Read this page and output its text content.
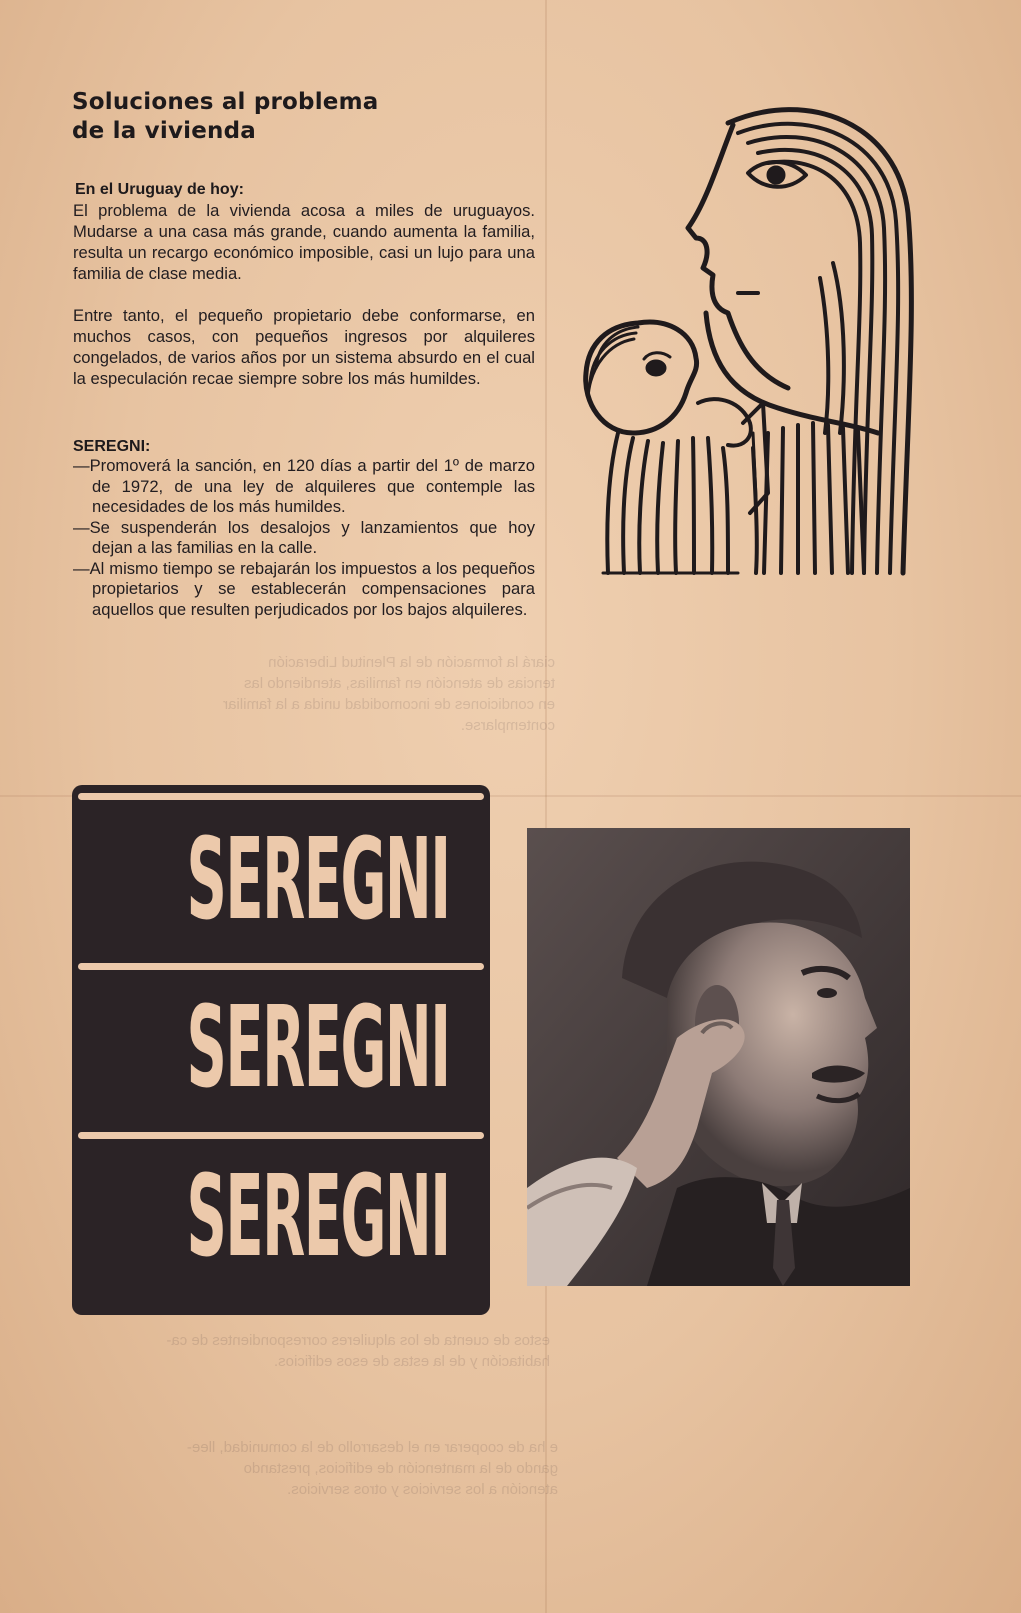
ciará la formación de la Plenitud Liberación
tencias de atención en familias, atendiendo las
en condiciones de incomodidad unida a la familiar
contemplarse.

estos de cuenta de los alquileres correspondientes de ca-
habitación y de la estas de esos edificios.

e ha de cooperar en el desarrollo de la comunidad, llee-
gando de la mantención de edificios, prestando
atención a los servicios y otros servicios.

Soluciones al problema
de la vivienda

En el Uruguay de hoy:

El problema de la vivienda acosa a miles de uruguayos. Mudarse a una casa más grande, cuando aumenta la familia, resulta un recargo económico imposible, casi un lujo para una familia de clase media.

Entre tanto, el pequeño propietario debe conformarse, en muchos casos, con pequeños ingresos por alquileres congelados, de varios años por un sistema absurdo en el cual la especulación recae siempre sobre los más humildes.

SEREGNI:

—Promoverá la sanción, en 120 días a partir del 1º de marzo de 1972, de una ley de alquileres que contemple las necesidades de los más humildes.
—Se suspenderán los desalojos y lanzamientos que hoy dejan a las familias en la calle.
—Al mismo tiempo se rebajarán los impuestos a los pequeños propietarios y se establecerán compensaciones para aquellos que resulten perjudicados por los bajos alquileres.
SEREGNI
SEREGNI
SEREGNI
